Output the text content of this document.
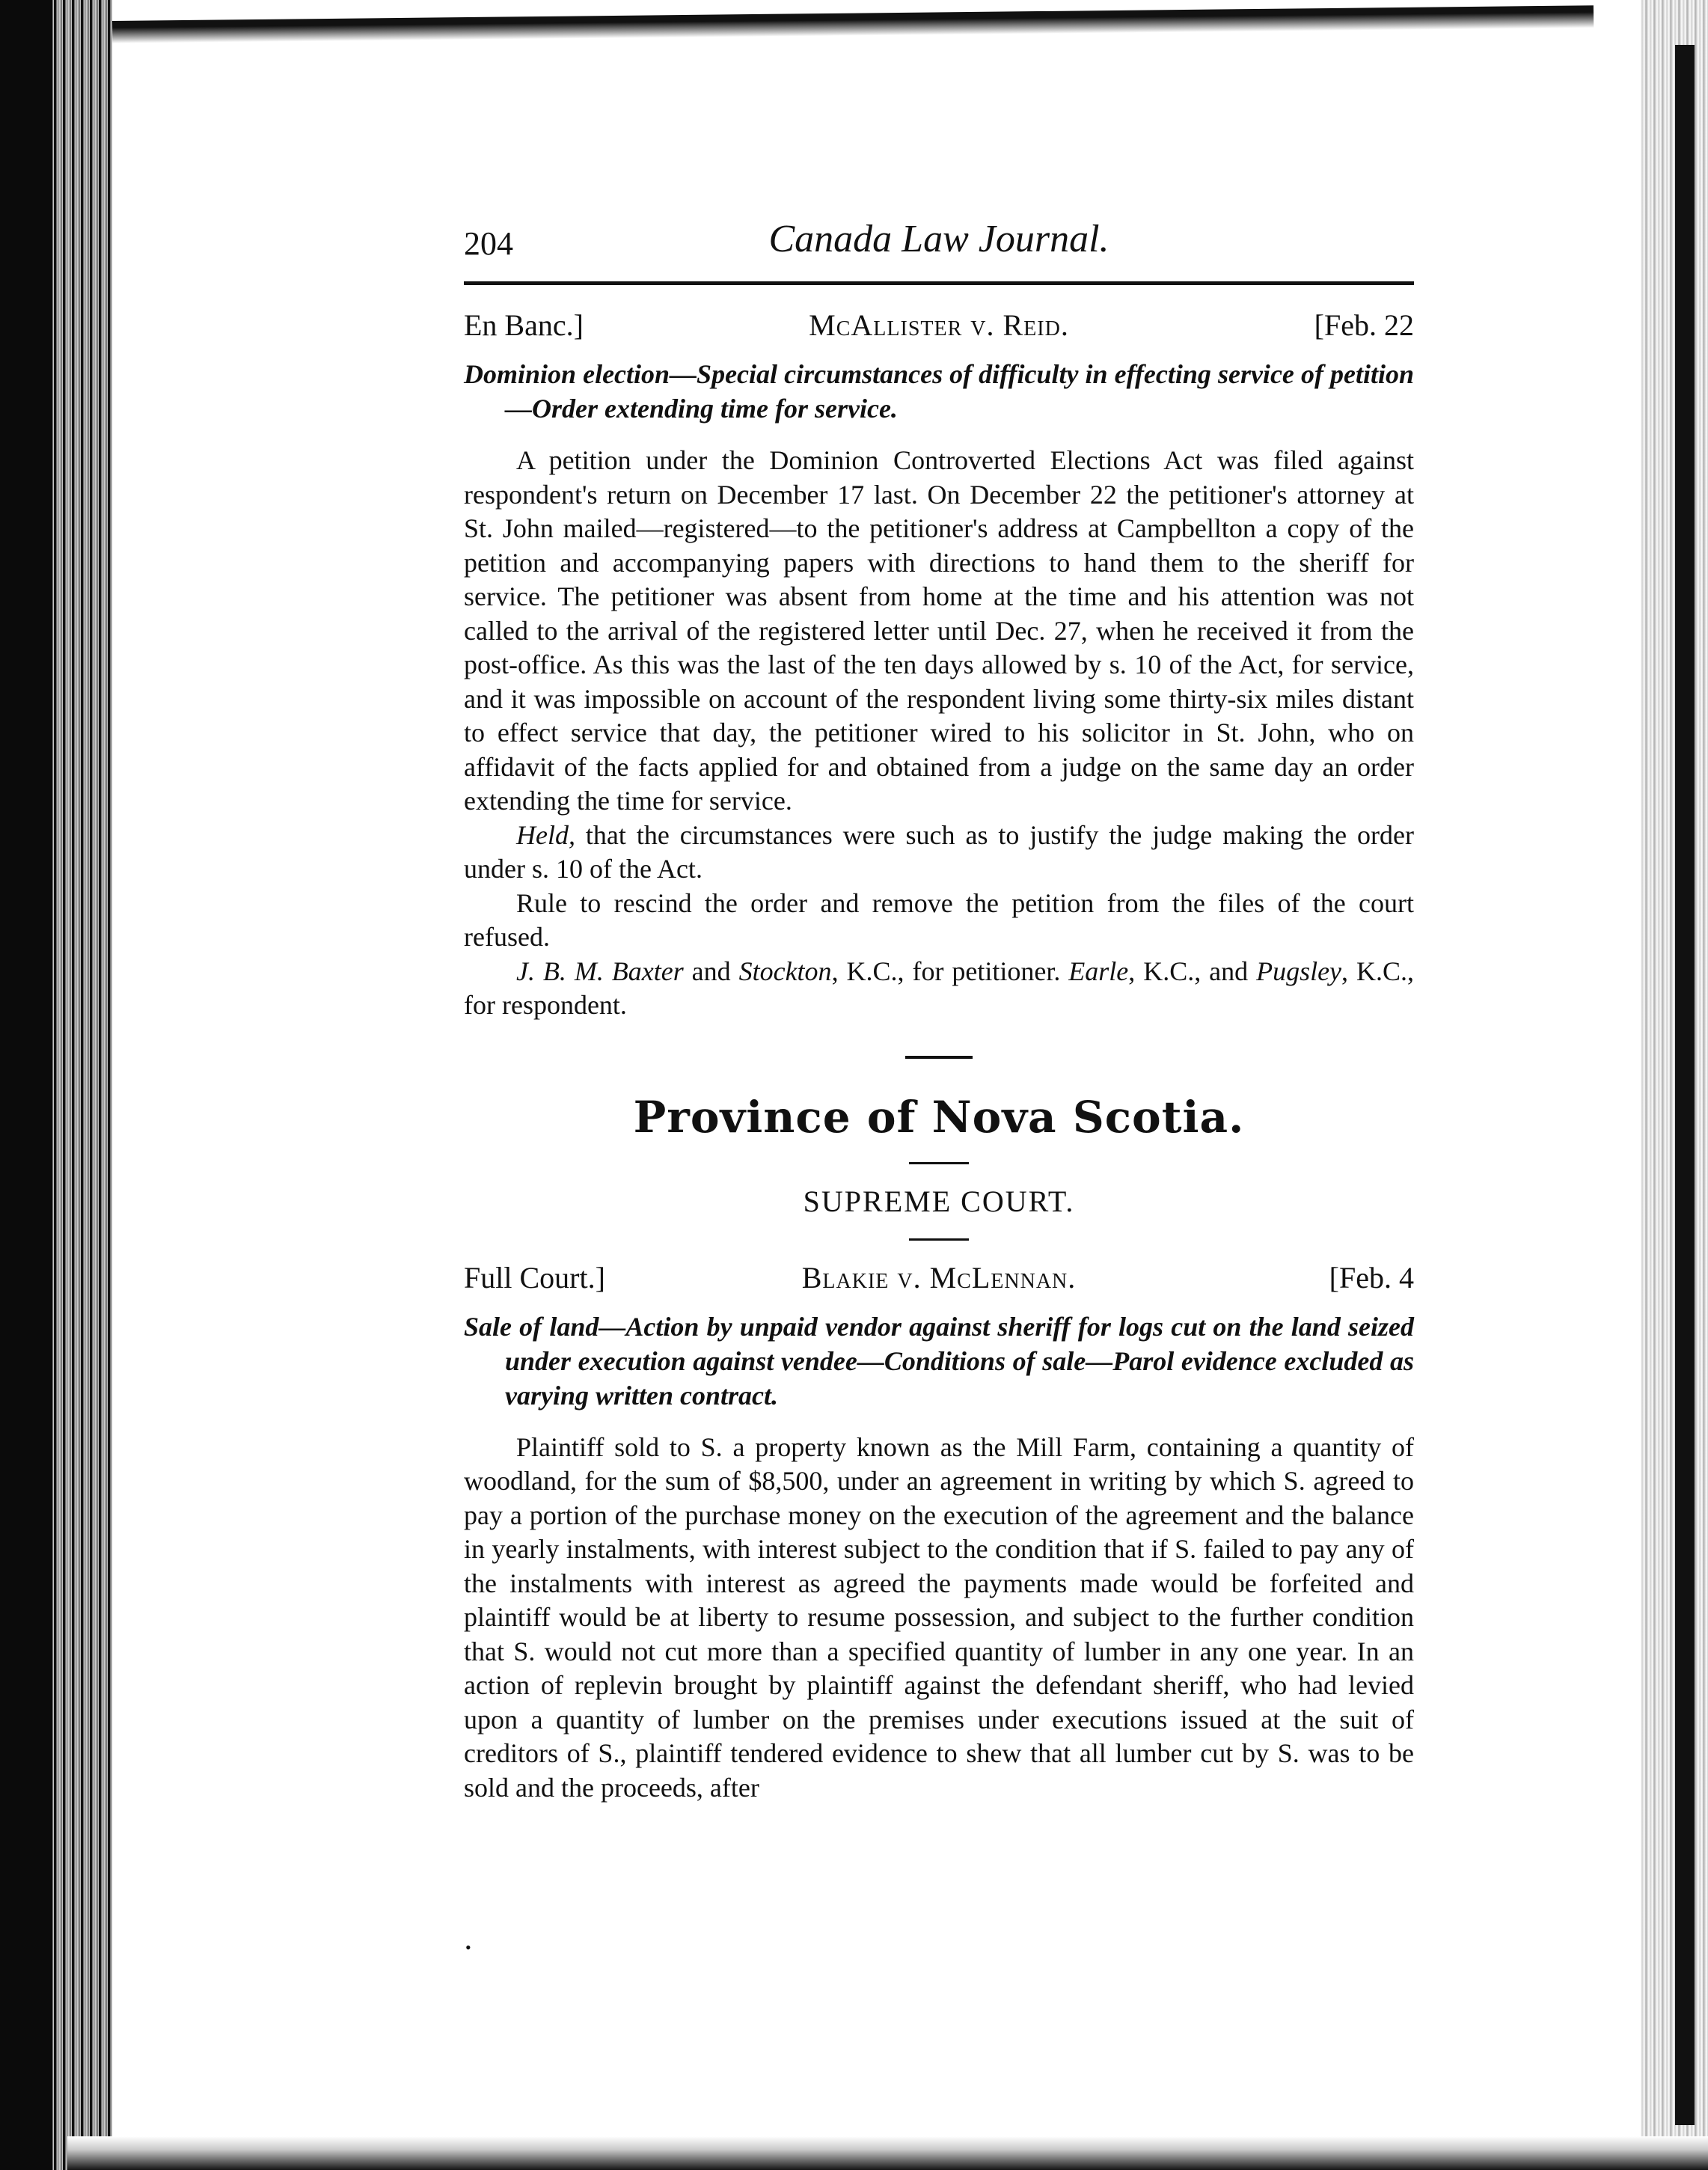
204	Canada Law Journal.
En Banc.]	McAllister v. Reid.	[Feb. 22

Dominion election—Special circumstances of difficulty in effecting service of petition—Order extending time for service.

A petition under the Dominion Controverted Elections Act was filed against respondent's return on December 17 last. On December 22 the petitioner's attorney at St. John mailed—registered—to the petitioner's address at Campbellton a copy of the petition and accompanying papers with directions to hand them to the sheriff for service. The petitioner was absent from home at the time and his attention was not called to the arrival of the registered letter until Dec. 27, when he received it from the post-office. As this was the last of the ten days allowed by s. 10 of the Act, for service, and it was impossible on account of the respondent living some thirty-six miles distant to effect service that day, the petitioner wired to his solicitor in St. John, who on affidavit of the facts applied for and obtained from a judge on the same day an order extending the time for service.

Held, that the circumstances were such as to justify the judge making the order under s. 10 of the Act.

Rule to rescind the order and remove the petition from the files of the court refused.

J. B. M. Baxter and Stockton, K.C., for petitioner. Earle, K.C., and Pugsley, K.C., for respondent.

Province of Nova Scotia.

SUPREME COURT.

Full Court.]	Blakie v. McLennan.	[Feb. 4

Sale of land—Action by unpaid vendor against sheriff for logs cut on the land seized under execution against vendee—Conditions of sale—Parol evidence excluded as varying written contract.

Plaintiff sold to S. a property known as the Mill Farm, containing a quantity of woodland, for the sum of $8,500, under an agreement in writing by which S. agreed to pay a portion of the purchase money on the execution of the agreement and the balance in yearly instalments, with interest subject to the condition that if S. failed to pay any of the instalments with interest as agreed the payments made would be forfeited and plaintiff would be at liberty to resume possession, and subject to the further condition that S. would not cut more than a specified quantity of lumber in any one year. In an action of replevin brought by plaintiff against the defendant sheriff, who had levied upon a quantity of lumber on the premises under executions issued at the suit of creditors of S., plaintiff tendered evidence to shew that all lumber cut by S. was to be sold and the proceeds, after

•
